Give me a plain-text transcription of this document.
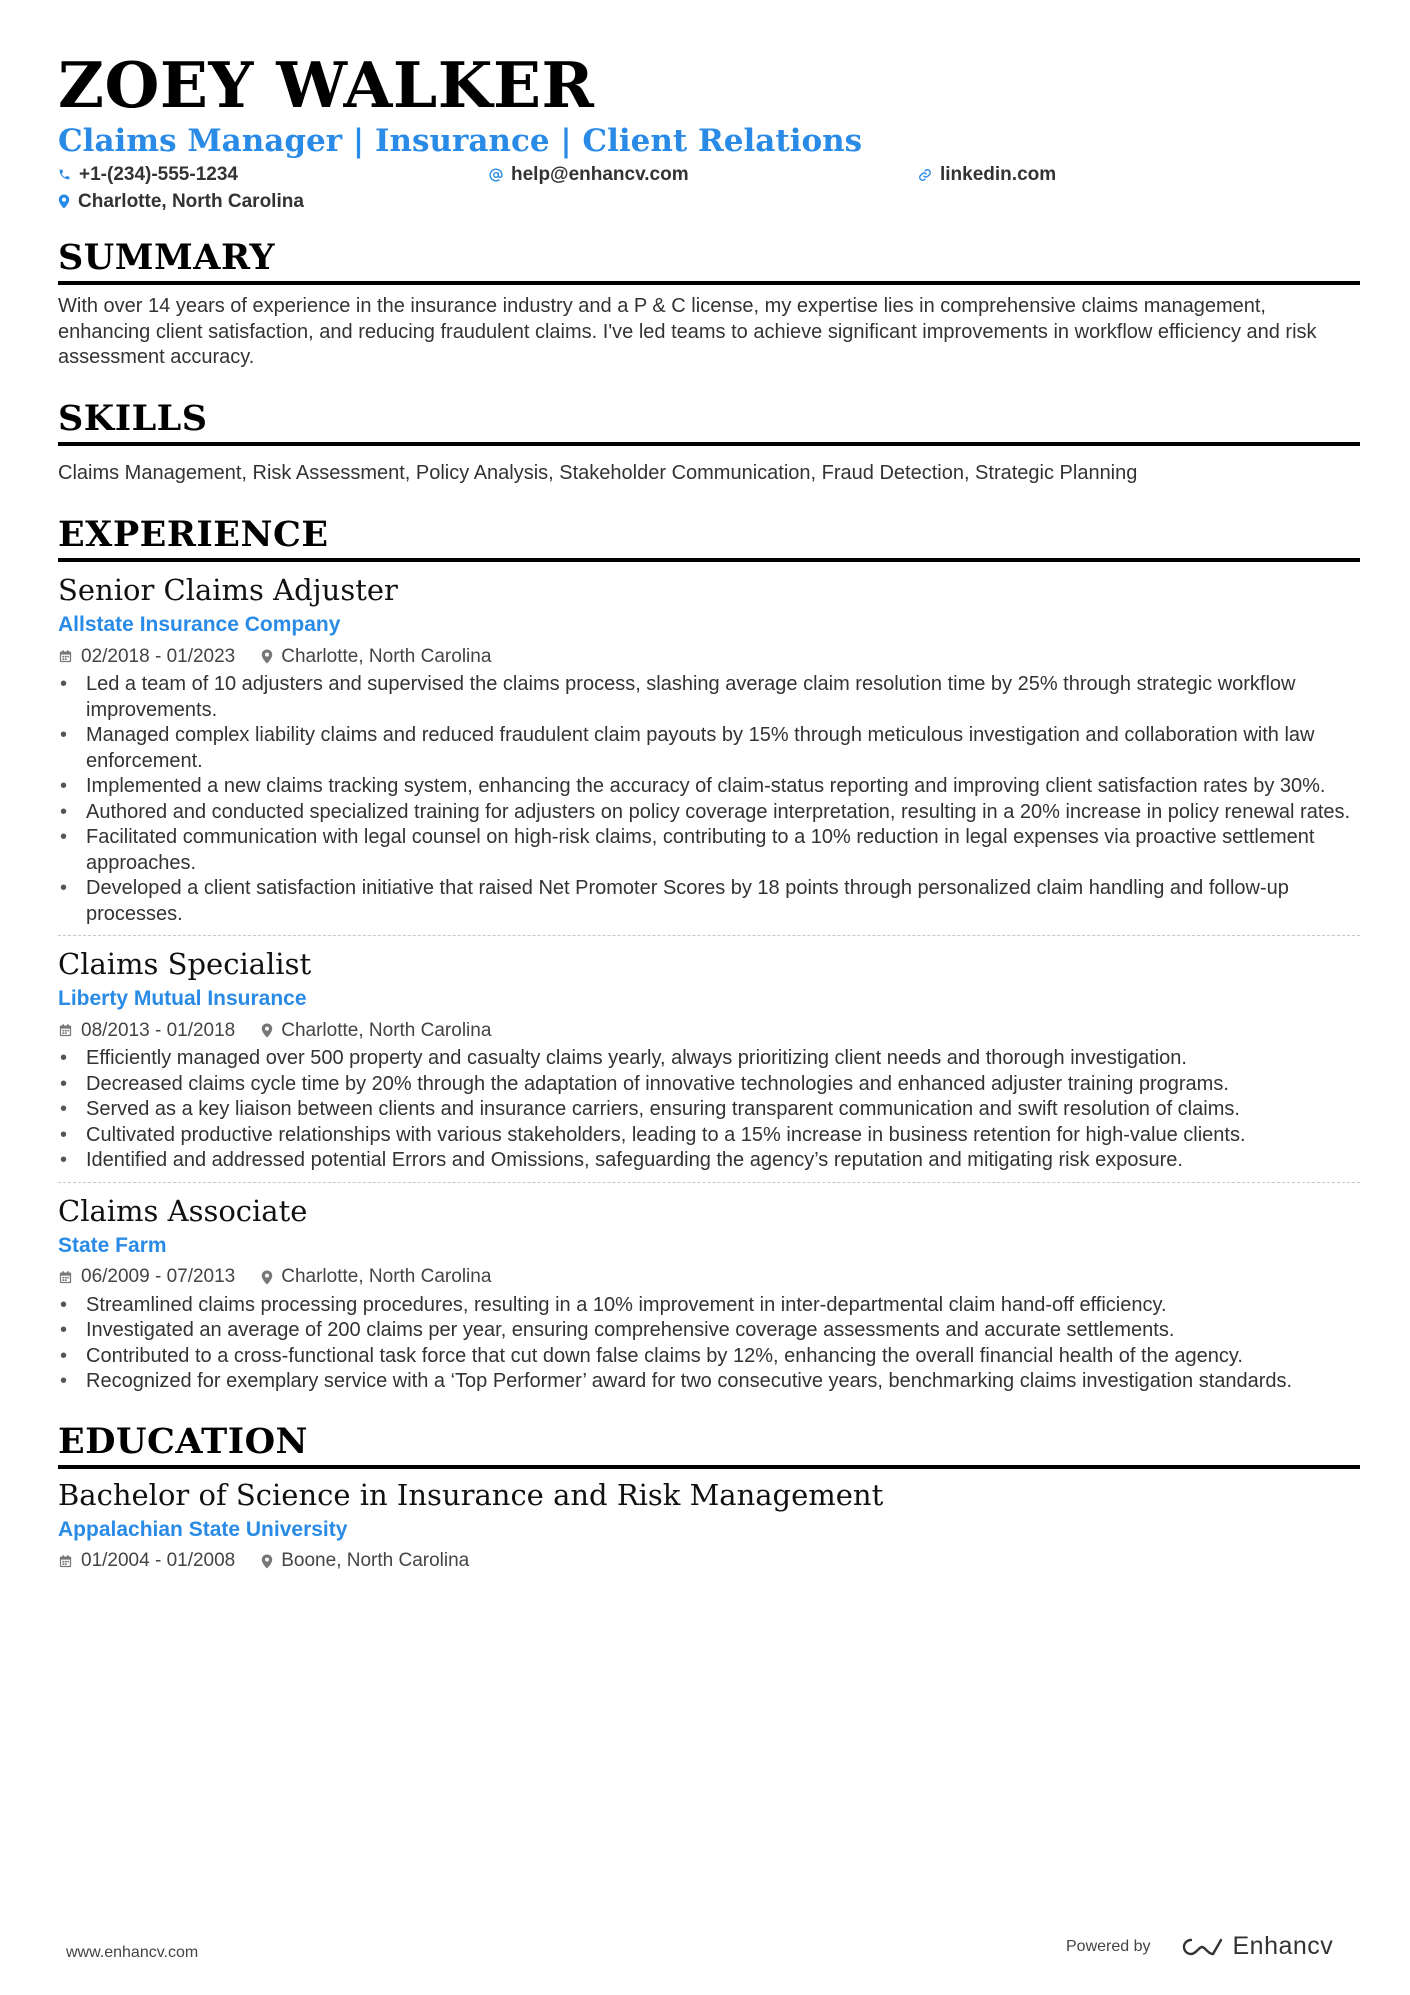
ZOEY WALKER
Claims Manager | Insurance | Client Relations
+1-(234)-555-1234	help@enhancv.com	linkedin.com
Charlotte, North Carolina
SUMMARY
With over 14 years of experience in the insurance industry and a P & C license, my expertise lies in comprehensive claims management, enhancing client satisfaction, and reducing fraudulent claims. I've led teams to achieve significant improvements in workflow efficiency and risk assessment accuracy.
SKILLS
Claims Management, Risk Assessment, Policy Analysis, Stakeholder Communication, Fraud Detection, Strategic Planning
EXPERIENCE
Senior Claims Adjuster
Allstate Insurance Company
02/2018 - 01/2023 Charlotte, North Carolina
• Led a team of 10 adjusters and supervised the claims process, slashing average claim resolution time by 25% through strategic workflow improvements.
• Managed complex liability claims and reduced fraudulent claim payouts by 15% through meticulous investigation and collaboration with law enforcement.
• Implemented a new claims tracking system, enhancing the accuracy of claim-status reporting and improving client satisfaction rates by 30%.
• Authored and conducted specialized training for adjusters on policy coverage interpretation, resulting in a 20% increase in policy renewal rates.
• Facilitated communication with legal counsel on high-risk claims, contributing to a 10% reduction in legal expenses via proactive settlement approaches.
• Developed a client satisfaction initiative that raised Net Promoter Scores by 18 points through personalized claim handling and follow-up processes.
Claims Specialist
Liberty Mutual Insurance
08/2013 - 01/2018 Charlotte, North Carolina
• Efficiently managed over 500 property and casualty claims yearly, always prioritizing client needs and thorough investigation.
• Decreased claims cycle time by 20% through the adaptation of innovative technologies and enhanced adjuster training programs.
• Served as a key liaison between clients and insurance carriers, ensuring transparent communication and swift resolution of claims.
• Cultivated productive relationships with various stakeholders, leading to a 15% increase in business retention for high-value clients.
• Identified and addressed potential Errors and Omissions, safeguarding the agency’s reputation and mitigating risk exposure.
Claims Associate
State Farm
06/2009 - 07/2013 Charlotte, North Carolina
• Streamlined claims processing procedures, resulting in a 10% improvement in inter-departmental claim hand-off efficiency.
• Investigated an average of 200 claims per year, ensuring comprehensive coverage assessments and accurate settlements.
• Contributed to a cross-functional task force that cut down false claims by 12%, enhancing the overall financial health of the agency.
• Recognized for exemplary service with a ‘Top Performer’ award for two consecutive years, benchmarking claims investigation standards.
EDUCATION
Bachelor of Science in Insurance and Risk Management
Appalachian State University
01/2004 - 01/2008 Boone, North Carolina
www.enhancv.com	Powered by	Enhancv
